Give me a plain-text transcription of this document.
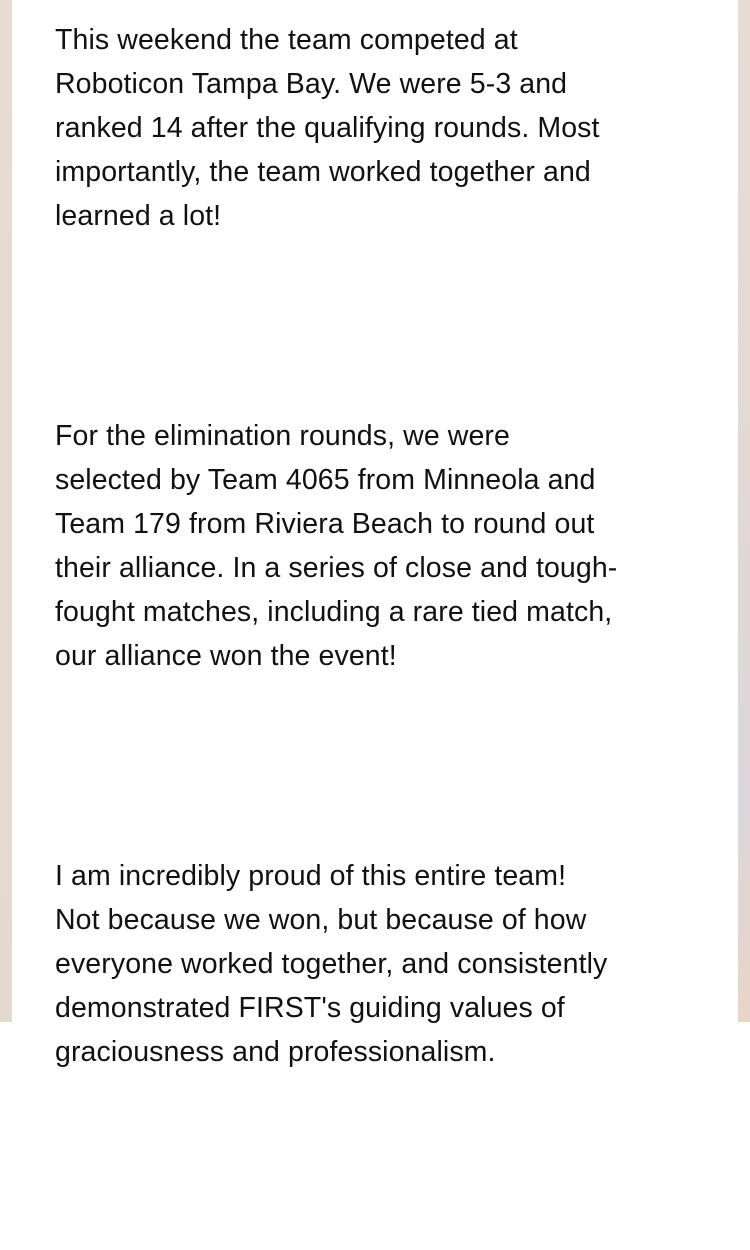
This weekend the team competed at
Roboticon Tampa Bay. We were 5-3 and
ranked 14 after the qualifying rounds. Most
importantly, the team worked together and
learned a lot!
For the elimination rounds, we were
selected by Team 4065 from Minneola and
Team 179 from Riviera Beach to round out
their alliance. In a series of close and tough-
fought matches, including a rare tied match,
our alliance won the event!
I am incredibly proud of this entire team!
Not because we won, but because of how
everyone worked together, and consistently
demonstrated FIRST's guiding values of
graciousness and professionalism.
